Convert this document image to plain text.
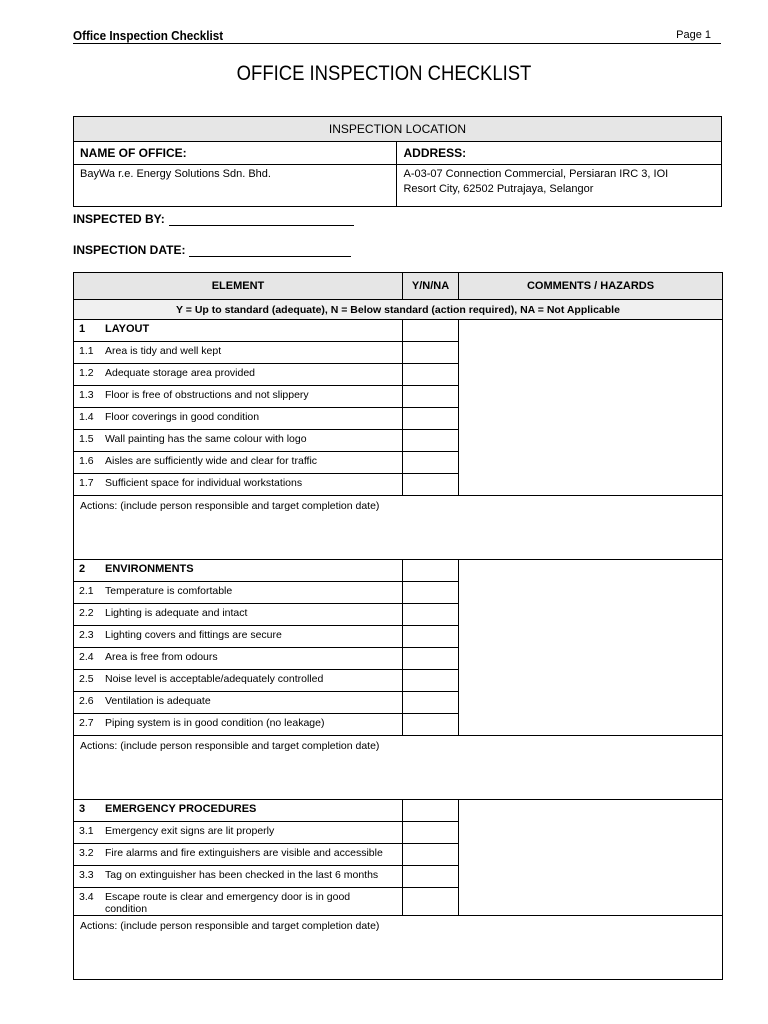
Office Inspection Checklist	Page 1
OFFICE INSPECTION CHECKLIST
INSPECTION LOCATION	
NAME OF OFFICE:	ADDRESS:
BayWa r.e. Energy Solutions Sdn. Bhd.	A-03-07 Connection Commercial, Persiaran IRC 3, IOI
Resort City, 62502 Putrajaya, Selangor
INSPECTED BY:
INSPECTION DATE:
ELEMENT	Y/N/NA	COMMENTS / HAZARDS
Y = Up to standard (adequate), N = Below standard (action required), NA = Not Applicable		
1 LAYOUT		
1.1 Area is tidy and well kept		
1.2 Adequate storage area provided		
1.3 Floor is free of obstructions and not slippery		
1.4 Floor coverings in good condition		
1.5 Wall painting has the same colour with logo		
1.6 Aisles are sufficiently wide and clear for traffic		
1.7 Sufficient space for individual workstations		
Actions: (include person responsible and target completion date)		
2 ENVIRONMENTS		
2.1 Temperature is comfortable		
2.2 Lighting is adequate and intact		
2.3 Lighting covers and fittings are secure		
2.4 Area is free from odours		
2.5 Noise level is acceptable/adequately controlled		
2.6 Ventilation is adequate		
2.7 Piping system is in good condition (no leakage)		
Actions: (include person responsible and target completion date)		
3 EMERGENCY PROCEDURES		
3.1 Emergency exit signs are lit properly		
3.2 Fire alarms and fire extinguishers are visible and accessible		
3.3 Tag on extinguisher has been checked in the last 6 months		
3.4 Escape route is clear and emergency door is in good condition		
Actions: (include person responsible and target completion date)		
